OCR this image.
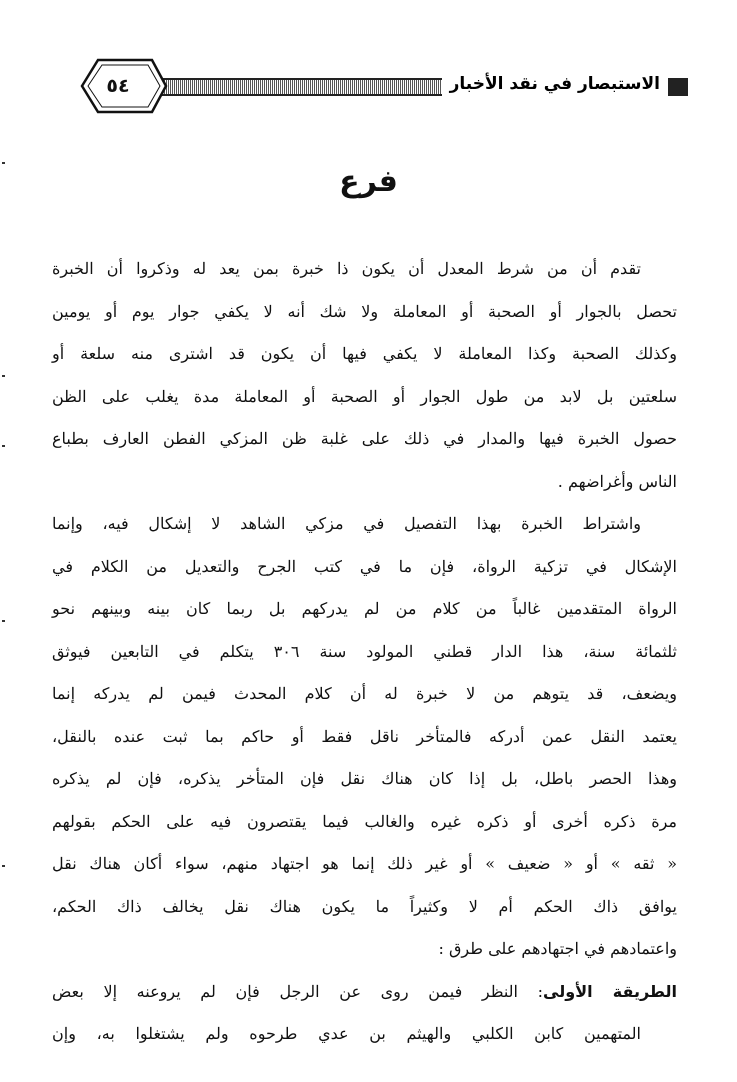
الاستبصار في نقد الأخبار
٥٤
فرع
تقدم أن من شرط المعدل أن يكون ذا خبرة بمن يعد له وذكروا أن الخبرة
تحصل بالجوار أو الصحبة أو المعاملة ولا شك أنه لا يكفي جوار يوم أو يومين
وكذلك الصحبة وكذا المعاملة لا يكفي فيها أن يكون قد اشترى منه سلعة أو
سلعتين بل لابد من طول الجوار أو الصحبة أو المعاملة مدة يغلب على الظن
حصول الخبرة فيها والمدار في ذلك على غلبة ظن المزكي الفطن العارف بطباع
الناس وأغراضهم .
واشتراط الخبرة بهذا التفصيل في مزكي الشاهد لا إشكال فيه، وإنما
الإشكال في تزكية الرواة، فإن ما في كتب الجرح والتعديل من الكلام في
الرواة المتقدمين غالباً من كلام من لم يدركهم بل ربما كان بينه وبينهم نحو
ثلثمائة سنة، هذا الدار قطني المولود سنة ٣٠٦ يتكلم في التابعين فيوثق
ويضعف، قد يتوهم من لا خبرة له أن كلام المحدث فيمن لم يدركه إنما
يعتمد النقل عمن أدركه فالمتأخر ناقل فقط أو حاكم بما ثبت عنده بالنقل،
وهذا الحصر باطل، بل إذا كان هناك نقل فإن المتأخر يذكره، فإن لم يذكره
مرة ذكره أخرى أو ذكره غيره والغالب فيما يقتصرون فيه على الحكم بقولهم
« ثقه » أو « ضعيف » أو غير ذلك إنما هو اجتهاد منهم، سواء أكان هناك نقل
يوافق ذاك الحكم أم لا وكثيراً ما يكون هناك نقل يخالف ذاك الحكم،
واعتمادهم في اجتهادهم على طرق :
الطريقة الأولى: النظر فيمن روى عن الرجل فإن لم يروعنه إلا بعض
المتهمين كابن الكلبي والهيثم بن عدي طرحوه ولم يشتغلوا به، وإن
